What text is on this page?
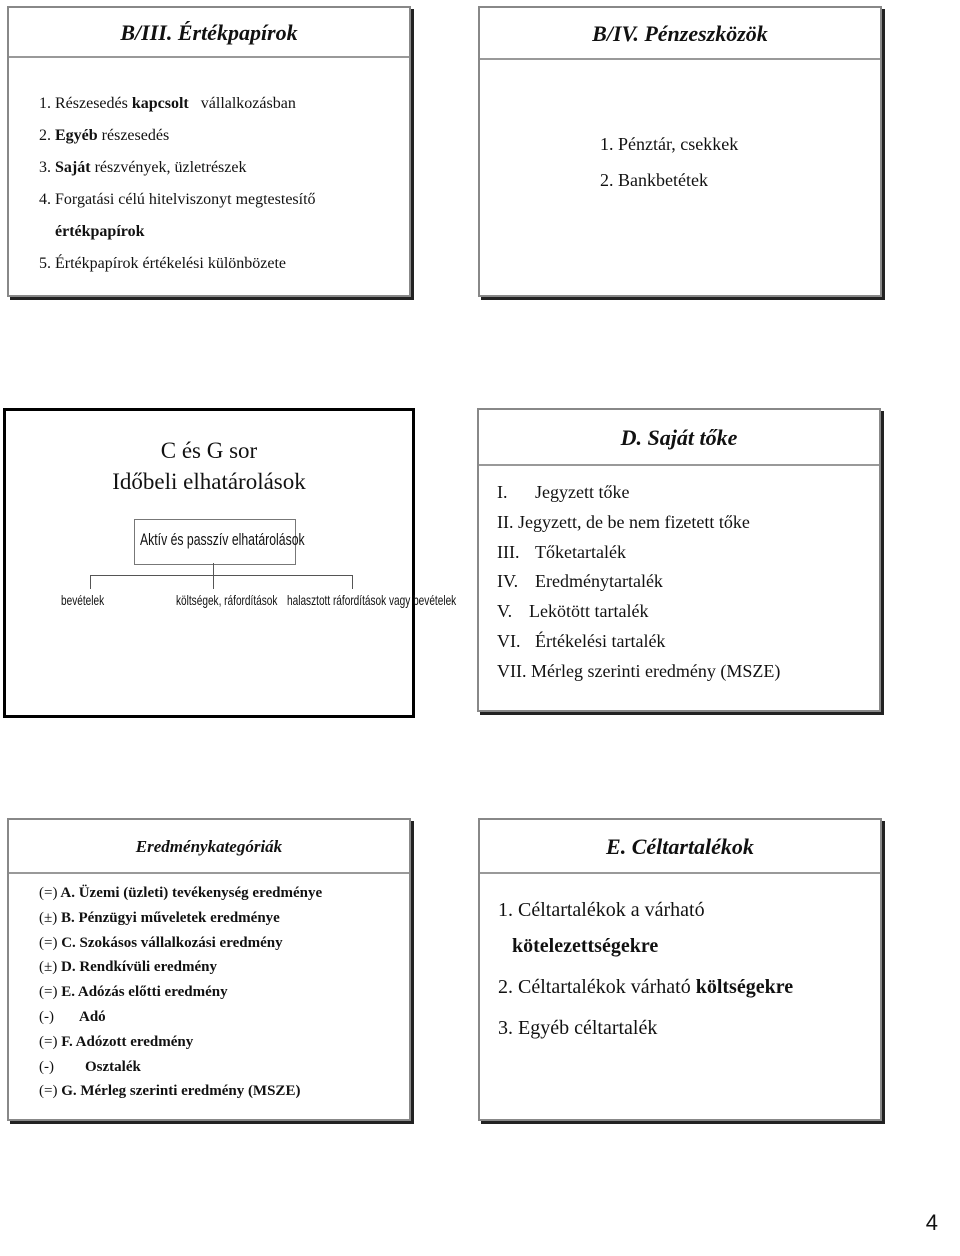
B/III. Értékpapírok
1. Részesedés kapcsolt   vállalkozásban
2. Egyéb részesedés
3. Saját részvények, üzletrészek
4. Forgatási célú hitelviszonyt megtestesítő
értékpapírok
5. Értékpapírok értékelési különbözete
B/IV. Pénzeszközök
1. Pénztár, csekkek
2. Bankbetétek
C és G sor
Időbeli elhatárolások
Aktív és passzív elhatárolások
bevételek	költségek, ráfordítások halasztott ráfordítások vagy bevételek
D. Saját tőke
I. Jegyzett tőke
II. Jegyzett, de be nem fizetett tőke
III. Tőketartalék
IV. Eredménytartalék
V. Lekötött tartalék
VI. Értékelési tartalék
VII. Mérleg szerinti eredmény (MSZE)
Eredménykategóriák
(=) A. Üzemi (üzleti) tevékenység eredménye
(±) B. Pénzügyi műveletek eredménye
(=) C. Szokásos vállalkozási eredmény
(±) D. Rendkívüli eredmény
(=) E. Adózás előtti eredmény
(-) Adó
(=) F. Adózott eredmény
(-) Osztalék
(=) G. Mérleg szerinti eredmény (MSZE)
E. Céltartalékok
1. Céltartalékok a várható
kötelezettségekre
2. Céltartalékok várható költségekre
3. Egyéb céltartalék
4
